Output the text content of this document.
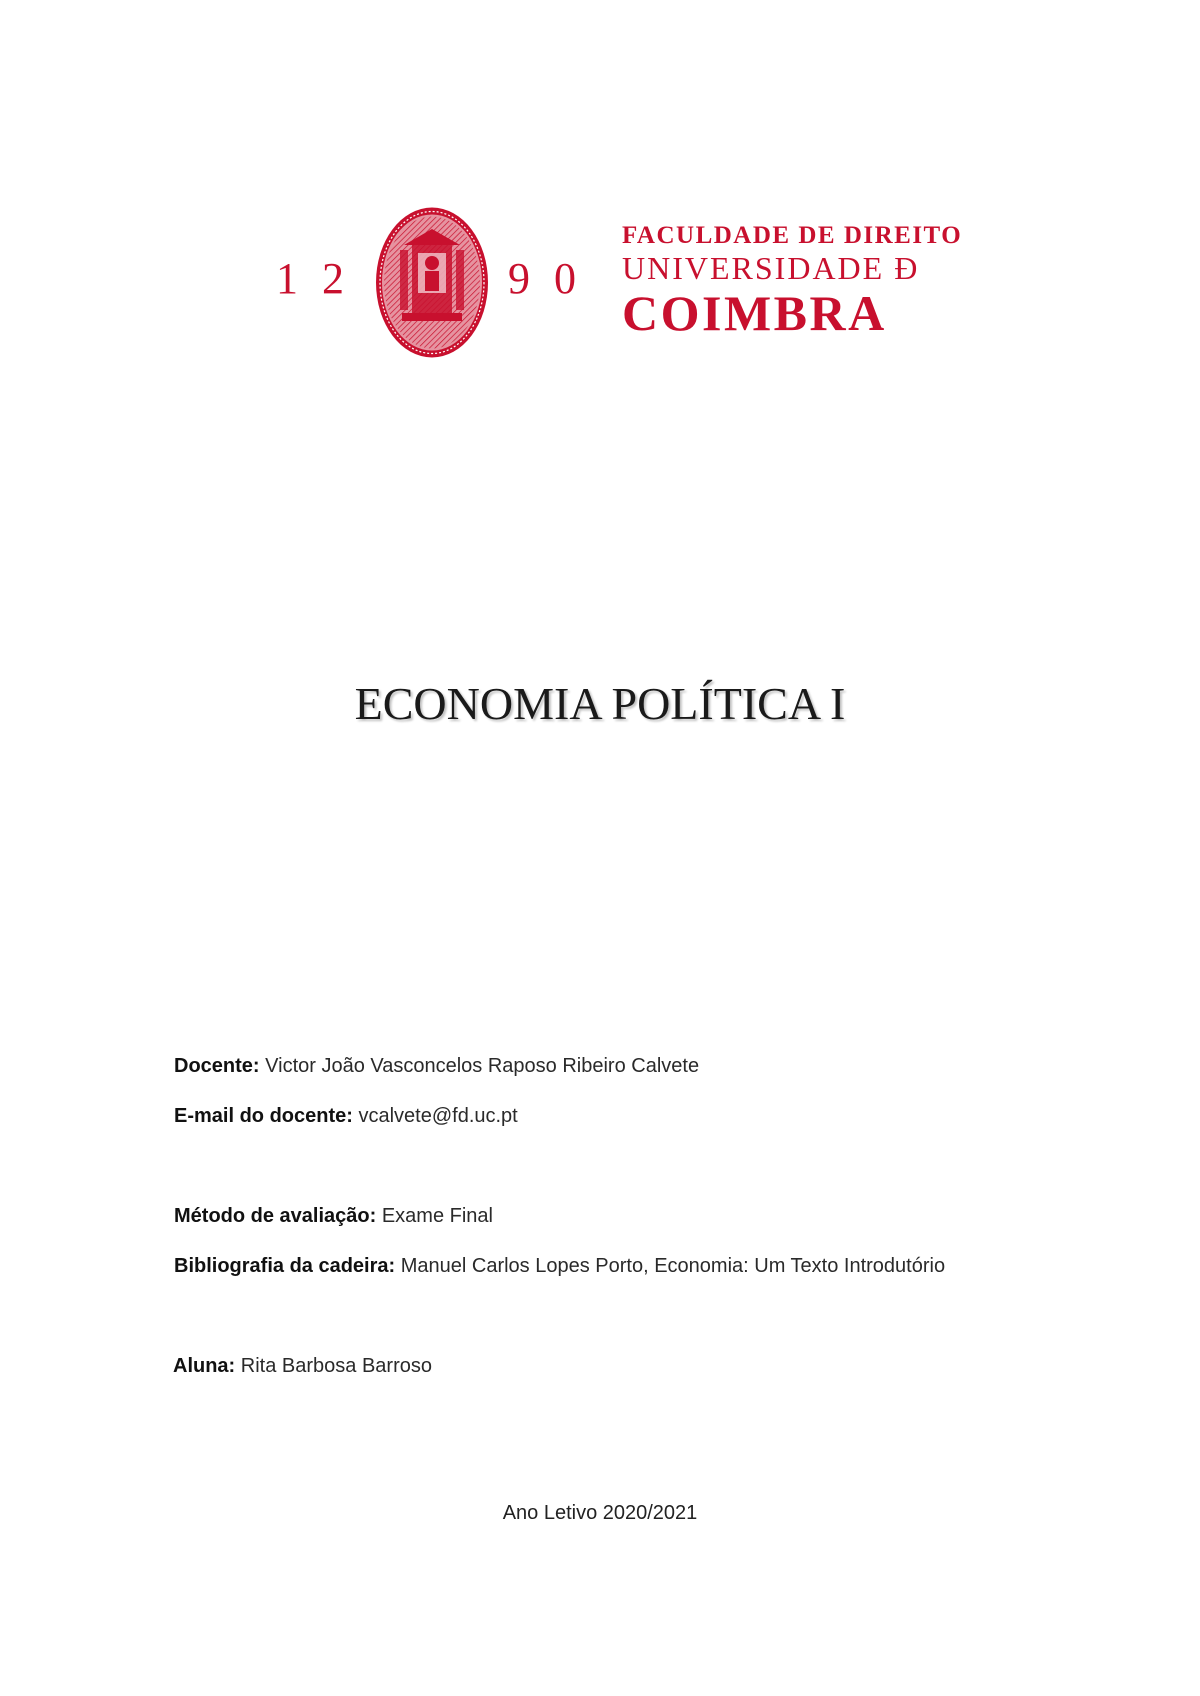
1 2	9 0
FACULDADE DE DIREITO
UNIVERSIDADE Ð
COIMBRA
ECONOMIA POLÍTICA I
Docente: Victor João Vasconcelos Raposo Ribeiro Calvete
E-mail do docente: vcalvete@fd.uc.pt
Método de avaliação: Exame Final
Bibliografia da cadeira: Manuel Carlos Lopes Porto, Economia: Um Texto Introdutório
Aluna: Rita Barbosa Barroso
Ano Letivo 2020/2021
